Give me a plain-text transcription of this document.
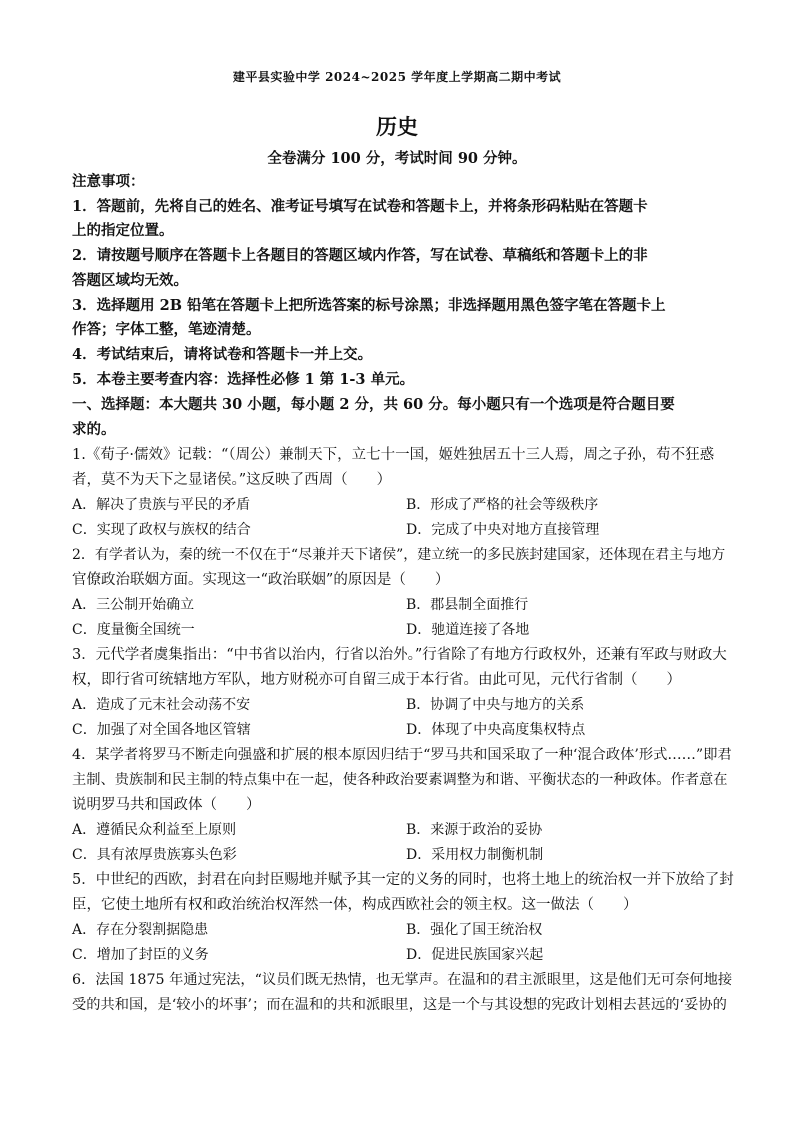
建平县实验中学 2024~2025 学年度上学期高二期中考试
历史
全卷满分 100 分，考试时间 90 分钟。
注意事项：
1．答题前，先将自己的姓名、准考证号填写在试卷和答题卡上，并将条形码粘贴在答题卡
上的指定位置。
2．请按题号顺序在答题卡上各题目的答题区域内作答，写在试卷、草稿纸和答题卡上的非
答题区域均无效。
3．选择题用 2B 铅笔在答题卡上把所选答案的标号涂黑；非选择题用黑色签字笔在答题卡上
作答；字体工整，笔迹清楚。
4．考试结束后，请将试卷和答题卡一并上交。
5．本卷主要考查内容：选择性必修 1 第 1-3 单元。
一、选择题：本大题共 30 小题，每小题 2 分，共 60 分。每小题只有一个选项是符合题目要
求的。
1.《荀子·儒效》记载：“（周公）兼制天下，立七十一国，姬姓独居五十三人焉，周之子孙，苟不狂惑
者，莫不为天下之显诸侯。”这反映了西周（　　）
A．解决了贵族与平民的矛盾	B．形成了严格的社会等级秩序
C．实现了政权与族权的结合	D．完成了中央对地方直接管理
2．有学者认为，秦的统一不仅在于“尽兼并天下诸侯”，建立统一的多民族封建国家，还体现在君主与地方
官僚政治联姻方面。实现这一“政治联姻”的原因是（　　）
A．三公制开始确立	B．郡县制全面推行
C．度量衡全国统一	D．驰道连接了各地
3．元代学者虞集指出：“中书省以治内，行省以治外。”行省除了有地方行政权外，还兼有军政与财政大
权，即行省可统辖地方军队，地方财税亦可自留三成于本行省。由此可见，元代行省制（　　）
A．造成了元末社会动荡不安	B．协调了中央与地方的关系
C．加强了对全国各地区管辖	D．体现了中央高度集权特点
4．某学者将罗马不断走向强盛和扩展的根本原因归结于“罗马共和国采取了一种‘混合政体’形式……”即君
主制、贵族制和民主制的特点集中在一起，使各种政治要素调整为和谐、平衡状态的一种政体。作者意在
说明罗马共和国政体（　　）
A．遵循民众利益至上原则	B．来源于政治的妥协
C．具有浓厚贵族寡头色彩	D．采用权力制衡机制
5．中世纪的西欧，封君在向封臣赐地并赋予其一定的义务的同时，也将土地上的统治权一并下放给了封
臣，它使土地所有权和政治统治权浑然一体，构成西欧社会的领主权。这一做法（　　）
A．存在分裂割据隐患	B．强化了国王统治权
C．增加了封臣的义务	D．促进民族国家兴起
6．法国 1875 年通过宪法，“议员们既无热情，也无掌声。在温和的君主派眼里，这是他们无可奈何地接
受的共和国，是‘较小的坏事’；而在温和的共和派眼里，这是一个与其设想的宪政计划相去甚远的‘妥协的
